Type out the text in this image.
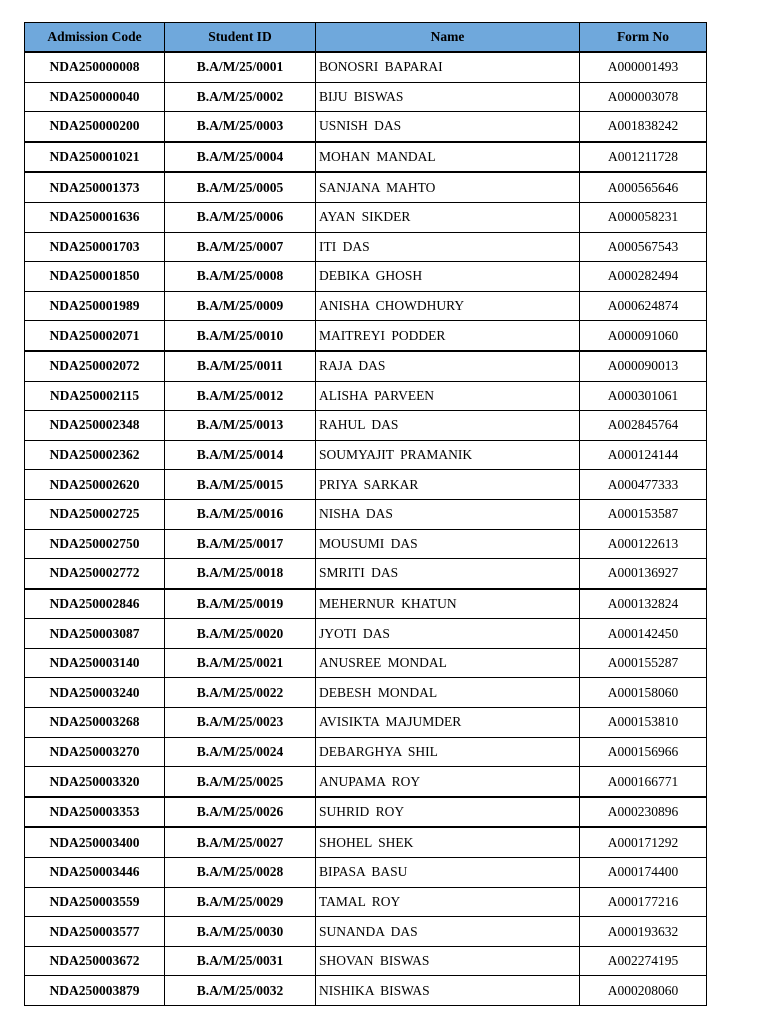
Admission Code	Student ID	Name	Form No
NDA250000008	B.A/M/25/0001	BONOSRI BAPARAI	A000001493
NDA250000040	B.A/M/25/0002	BIJU BISWAS	A000003078
NDA250000200	B.A/M/25/0003	USNISH DAS	A001838242
NDA250001021	B.A/M/25/0004	MOHAN MANDAL	A001211728
NDA250001373	B.A/M/25/0005	SANJANA MAHTO	A000565646
NDA250001636	B.A/M/25/0006	AYAN SIKDER	A000058231
NDA250001703	B.A/M/25/0007	ITI DAS	A000567543
NDA250001850	B.A/M/25/0008	DEBIKA GHOSH	A000282494
NDA250001989	B.A/M/25/0009	ANISHA CHOWDHURY	A000624874
NDA250002071	B.A/M/25/0010	MAITREYI PODDER	A000091060
NDA250002072	B.A/M/25/0011	RAJA DAS	A000090013
NDA250002115	B.A/M/25/0012	ALISHA PARVEEN	A000301061
NDA250002348	B.A/M/25/0013	RAHUL DAS	A002845764
NDA250002362	B.A/M/25/0014	SOUMYAJIT PRAMANIK	A000124144
NDA250002620	B.A/M/25/0015	PRIYA SARKAR	A000477333
NDA250002725	B.A/M/25/0016	NISHA DAS	A000153587
NDA250002750	B.A/M/25/0017	MOUSUMI DAS	A000122613
NDA250002772	B.A/M/25/0018	SMRITI DAS	A000136927
NDA250002846	B.A/M/25/0019	MEHERNUR KHATUN	A000132824
NDA250003087	B.A/M/25/0020	JYOTI DAS	A000142450
NDA250003140	B.A/M/25/0021	ANUSREE MONDAL	A000155287
NDA250003240	B.A/M/25/0022	DEBESH MONDAL	A000158060
NDA250003268	B.A/M/25/0023	AVISIKTA MAJUMDER	A000153810
NDA250003270	B.A/M/25/0024	DEBARGHYA SHIL	A000156966
NDA250003320	B.A/M/25/0025	ANUPAMA ROY	A000166771
NDA250003353	B.A/M/25/0026	SUHRID ROY	A000230896
NDA250003400	B.A/M/25/0027	SHOHEL SHEK	A000171292
NDA250003446	B.A/M/25/0028	BIPASA BASU	A000174400
NDA250003559	B.A/M/25/0029	TAMAL ROY	A000177216
NDA250003577	B.A/M/25/0030	SUNANDA DAS	A000193632
NDA250003672	B.A/M/25/0031	SHOVAN BISWAS	A002274195
NDA250003879	B.A/M/25/0032	NISHIKA BISWAS	A000208060
